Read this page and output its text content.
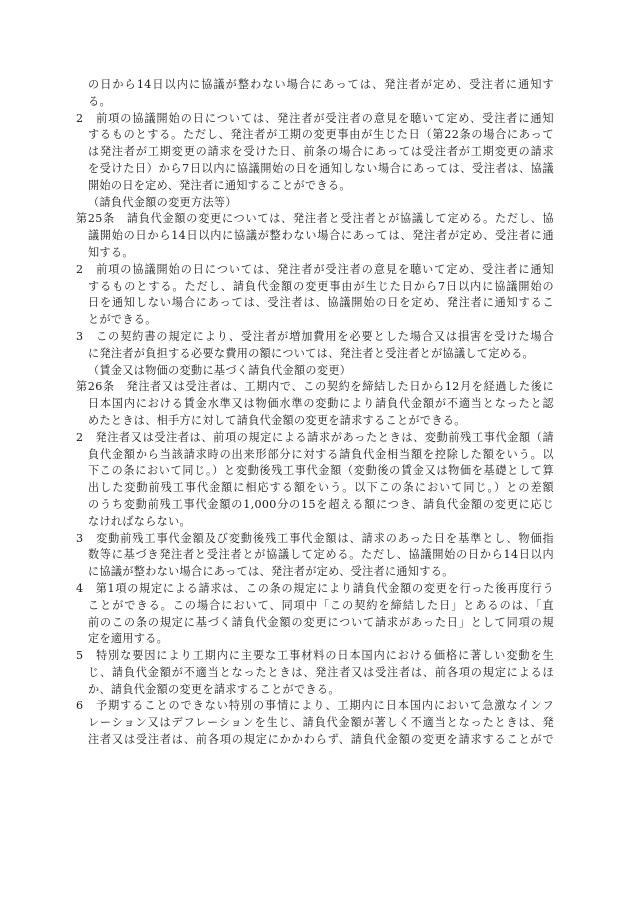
の日から14日以内に協議が整わない場合にあっては、発注者が定め、受注者に通知す
る。
2　前項の協議開始の日については、発注者が受注者の意見を聴いて定め、受注者に通知
するものとする。ただし、発注者が工期の変更事由が生じた日（第22条の場合にあって
は発注者が工期変更の請求を受けた日、前条の場合にあっては受注者が工期変更の請求
を受けた日）から7日以内に協議開始の日を通知しない場合にあっては、受注者は、協議
開始の日を定め、発注者に通知することができる。
（請負代金額の変更方法等）
第25条　請負代金額の変更については、発注者と受注者とが協議して定める。ただし、協
議開始の日から14日以内に協議が整わない場合にあっては、発注者が定め、受注者に通
知する。
2　前項の協議開始の日については、発注者が受注者の意見を聴いて定め、受注者に通知
するものとする。ただし、請負代金額の変更事由が生じた日から7日以内に協議開始の
日を通知しない場合にあっては、受注者は、協議開始の日を定め、発注者に通知するこ
とができる。
3　この契約書の規定により、受注者が増加費用を必要とした場合又は損害を受けた場合
に発注者が負担する必要な費用の額については、発注者と受注者とが協議して定める。
（賃金又は物価の変動に基づく請負代金額の変更）
第26条　発注者又は受注者は、工期内で、この契約を締結した日から12月を経過した後に
日本国内における賃金水準又は物価水準の変動により請負代金額が不適当となったと認
めたときは、相手方に対して請負代金額の変更を請求することができる。
2　発注者又は受注者は、前項の規定による請求があったときは、変動前残工事代金額（請
負代金額から当該請求時の出来形部分に対する請負代金相当額を控除した額をいう。以
下この条において同じ。）と変動後残工事代金額（変動後の賃金又は物価を基礎として算
出した変動前残工事代金額に相応する額をいう。以下この条において同じ。）との差額
のうち変動前残工事代金額の1,000分の15を超える額につき、請負代金額の変更に応じ
なければならない。
3　変動前残工事代金額及び変動後残工事代金額は、請求のあった日を基準とし、物価指
数等に基づき発注者と受注者とが協議して定める。ただし、協議開始の日から14日以内
に協議が整わない場合にあっては、発注者が定め、受注者に通知する。
4　第1項の規定による請求は、この条の規定により請負代金額の変更を行った後再度行う
ことができる。この場合において、同項中「この契約を締結した日」とあるのは、「直
前のこの条の規定に基づく請負代金額の変更について請求があった日」として同項の規
定を適用する。
5　特別な要因により工期内に主要な工事材料の日本国内における価格に著しい変動を生
じ、請負代金額が不適当となったときは、発注者又は受注者は、前各項の規定によるほ
か、請負代金額の変更を請求することができる。
6　予期することのできない特別の事情により、工期内に日本国内において急激なインフ
レーション又はデフレーションを生じ、請負代金額が著しく不適当となったときは、発
注者又は受注者は、前各項の規定にかかわらず、請負代金額の変更を請求することがで
